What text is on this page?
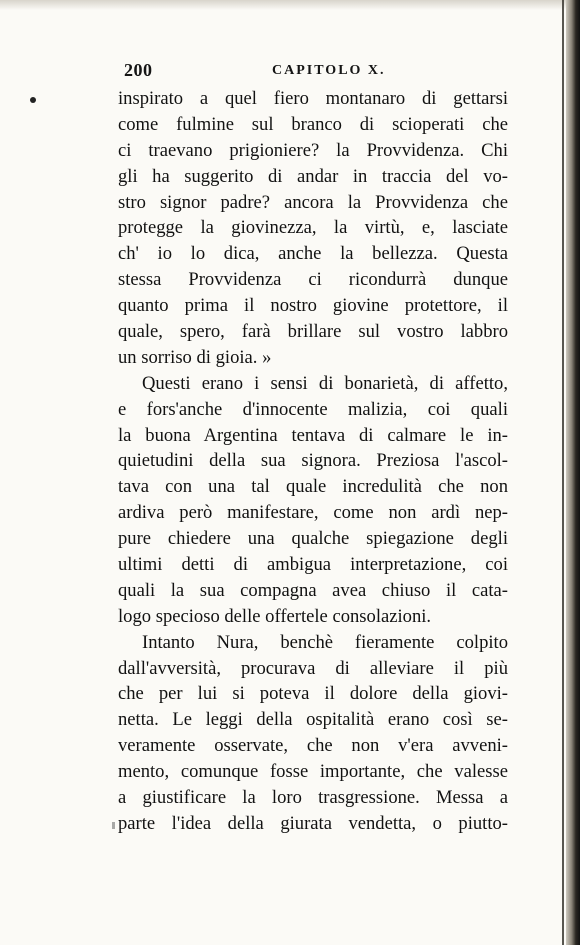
200	CAPITOLO X.
inspirato a quel fiero montanaro di gettarsi
come fulmine sul branco di scioperati che
ci traevano prigioniere? la Provvidenza. Chi
gli ha suggerito di andar in traccia del vo-
stro signor padre? ancora la Provvidenza che
protegge la giovinezza, la virtù, e, lasciate
ch' io lo dica, anche la bellezza. Questa
stessa Provvidenza ci ricondurrà dunque
quanto prima il nostro giovine protettore, il
quale, spero, farà brillare sul vostro labbro
un sorriso di gioia. »
Questi erano i sensi di bonarietà, di affetto,
e fors'anche d'innocente malizia, coi quali
la buona Argentina tentava di calmare le in-
quietudini della sua signora. Preziosa l'ascol-
tava con una tal quale incredulità che non
ardiva però manifestare, come non ardì nep-
pure chiedere una qualche spiegazione degli
ultimi detti di ambigua interpretazione, coi
quali la sua compagna avea chiuso il cata-
logo specioso delle offertele consolazioni.
Intanto Nura, benchè fieramente colpito
dall'avversità, procurava di alleviare il più
che per lui si poteva il dolore della giovi-
netta. Le leggi della ospitalità erano così se-
veramente osservate, che non v'era avveni-
mento, comunque fosse importante, che valesse
a giustificare la loro trasgressione. Messa a
parte l'idea della giurata vendetta, o piutto-
